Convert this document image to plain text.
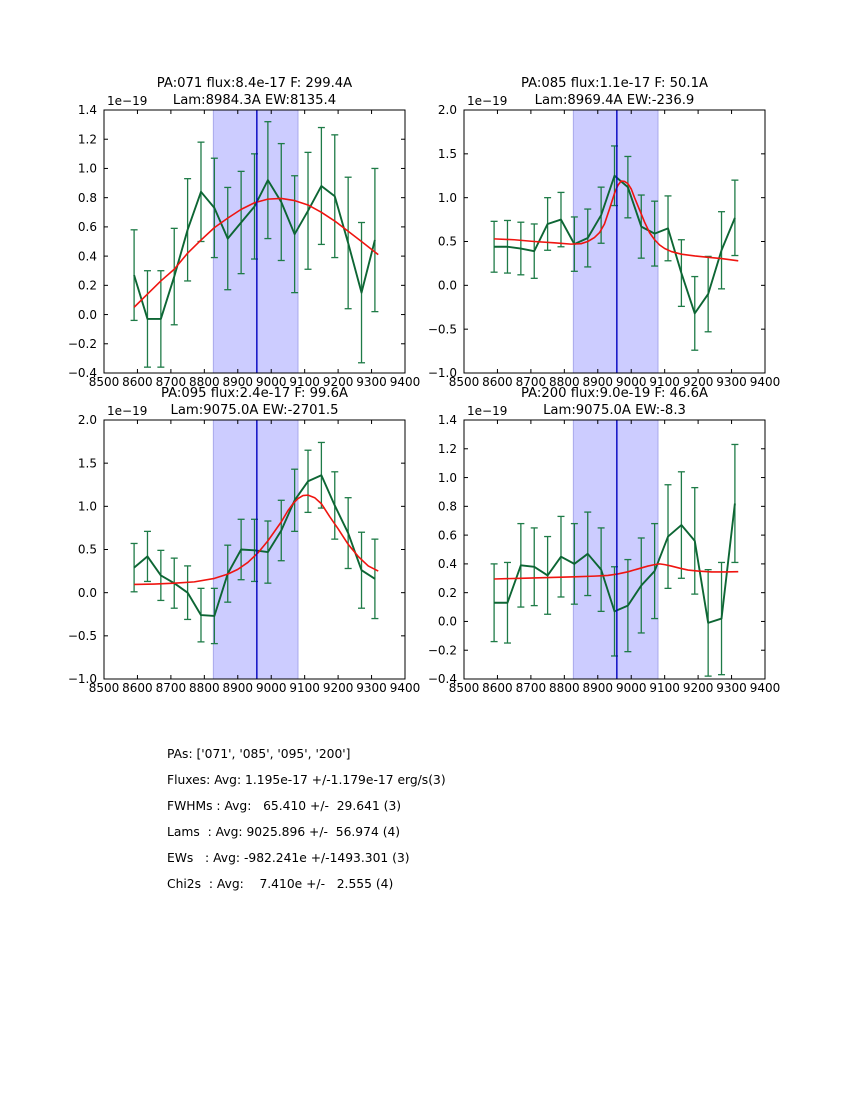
8500 8600 8700 8800 8900 9000 9100 9200 9300 9400
−0.4
−0.2
0.0
0.2
0.4
0.6
0.8
1.0
1.2
1.4
1e−19
PA:071 flux:8.4e-17 F: 299.4A
Lam:8984.3A EW:8135.4
8500 8600 8700 8800 8900 9000 9100 9200 9300 9400
−1.0
−0.5
0.0
0.5
1.0
1.5
2.0
1e−19
PA:085 flux:1.1e-17 F: 50.1A
Lam:8969.4A EW:-236.9
8500 8600 8700 8800 8900 9000 9100 9200 9300 9400
−1.0
−0.5
0.0
0.5
1.0
1.5
2.0
1e−19
PA:095 flux:2.4e-17 F: 99.6A
Lam:9075.0A EW:-2701.5
8500 8600 8700 8800 8900 9000 9100 9200 9300 9400
−0.4
−0.2
0.0
0.2
0.4
0.6
0.8
1.0
1.2
1.4
1e−19
PA:200 flux:9.0e-19 F: 46.6A
Lam:9075.0A EW:-8.3
PAs: ['071', '085', '095', '200']
Fluxes: Avg: 1.195e-17 +/-1.179e-17 erg/s(3)
FWHMs : Avg:   65.410 +/-  29.641 (3)
Lams  : Avg: 9025.896 +/-  56.974 (4)
EWs   : Avg: -982.241e +/-1493.301 (3)
Chi2s  : Avg:    7.410e +/-   2.555 (4)
